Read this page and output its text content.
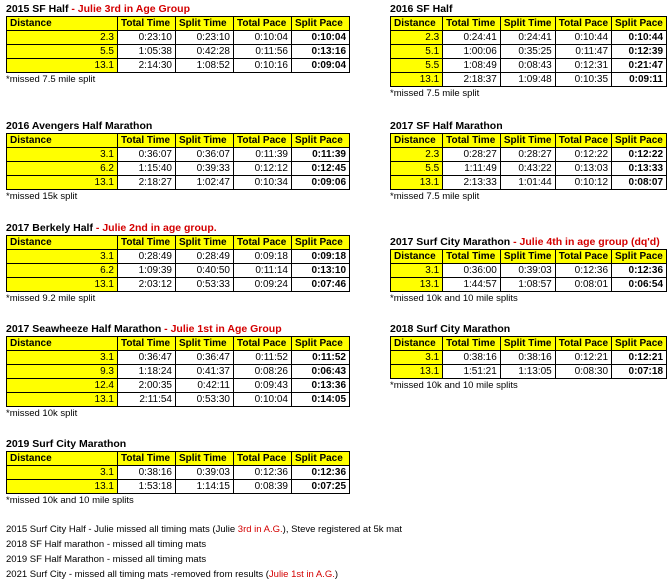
2015 SF Half - Julie 3rd in Age Group
Distance	Total Time	Split Time	Total Pace	Split Pace
2.3	0:23:10	0:23:10	0:10:04	0:10:04
5.5	1:05:38	0:42:28	0:11:56	0:13:16
13.1	2:14:30	1:08:52	0:10:16	0:09:04
*missed 7.5 mile split
2016 SF Half
Distance	Total Time	Split Time	Total Pace	Split Pace
2.3	0:24:41	0:24:41	0:10:44	0:10:44
5.1	1:00:06	0:35:25	0:11:47	0:12:39
5.5	1:08:49	0:08:43	0:12:31	0:21:47
13.1	2:18:37	1:09:48	0:10:35	0:09:11
*missed 7.5 mile split
2016 Avengers Half Marathon
Distance	Total Time	Split Time	Total Pace	Split Pace
3.1	0:36:07	0:36:07	0:11:39	0:11:39
6.2	1:15:40	0:39:33	0:12:12	0:12:45
13.1	2:18:27	1:02:47	0:10:34	0:09:06
*missed 15k split
2017 SF Half Marathon
Distance	Total Time	Split Time	Total Pace	Split Pace
2.3	0:28:27	0:28:27	0:12:22	0:12:22
5.5	1:11:49	0:43:22	0:13:03	0:13:33
13.1	2:13:33	1:01:44	0:10:12	0:08:07
*missed 7.5 mile split
2017 Berkely Half - Julie 2nd in age group.
Distance	Total Time	Split Time	Total Pace	Split Pace
3.1	0:28:49	0:28:49	0:09:18	0:09:18
6.2	1:09:39	0:40:50	0:11:14	0:13:10
13.1	2:03:12	0:53:33	0:09:24	0:07:46
*missed 9.2 mile split
2017 Surf City Marathon - Julie 4th in age group (dq'd)
Distance	Total Time	Split Time	Total Pace	Split Pace
3.1	0:36:00	0:39:03	0:12:36	0:12:36
13.1	1:44:57	1:08:57	0:08:01	0:06:54
*missed 10k and 10 mile splits
2017 Seawheeze Half Marathon - Julie 1st in Age Group
Distance	Total Time	Split Time	Total Pace	Split Pace
3.1	0:36:47	0:36:47	0:11:52	0:11:52
9.3	1:18:24	0:41:37	0:08:26	0:06:43
12.4	2:00:35	0:42:11	0:09:43	0:13:36
13.1	2:11:54	0:53:30	0:10:04	0:14:05
*missed 10k split
2018 Surf City Marathon
Distance	Total Time	Split Time	Total Pace	Split Pace
3.1	0:38:16	0:38:16	0:12:21	0:12:21
13.1	1:51:21	1:13:05	0:08:30	0:07:18
*missed 10k and 10 mile splits
2019 Surf City Marathon
Distance	Total Time	Split Time	Total Pace	Split Pace
3.1	0:38:16	0:39:03	0:12:36	0:12:36
13.1	1:53:18	1:14:15	0:08:39	0:07:25
*missed 10k and 10 mile splits
2015 Surf City Half - Julie missed all timing mats (Julie 3rd in A.G.), Steve registered at 5k mat
2018 SF Half marathon - missed all timing mats
2019 SF Half Marathon - missed all timing mats
2021 Surf City - missed all timing mats -removed from results (Julie 1st in A.G.)
